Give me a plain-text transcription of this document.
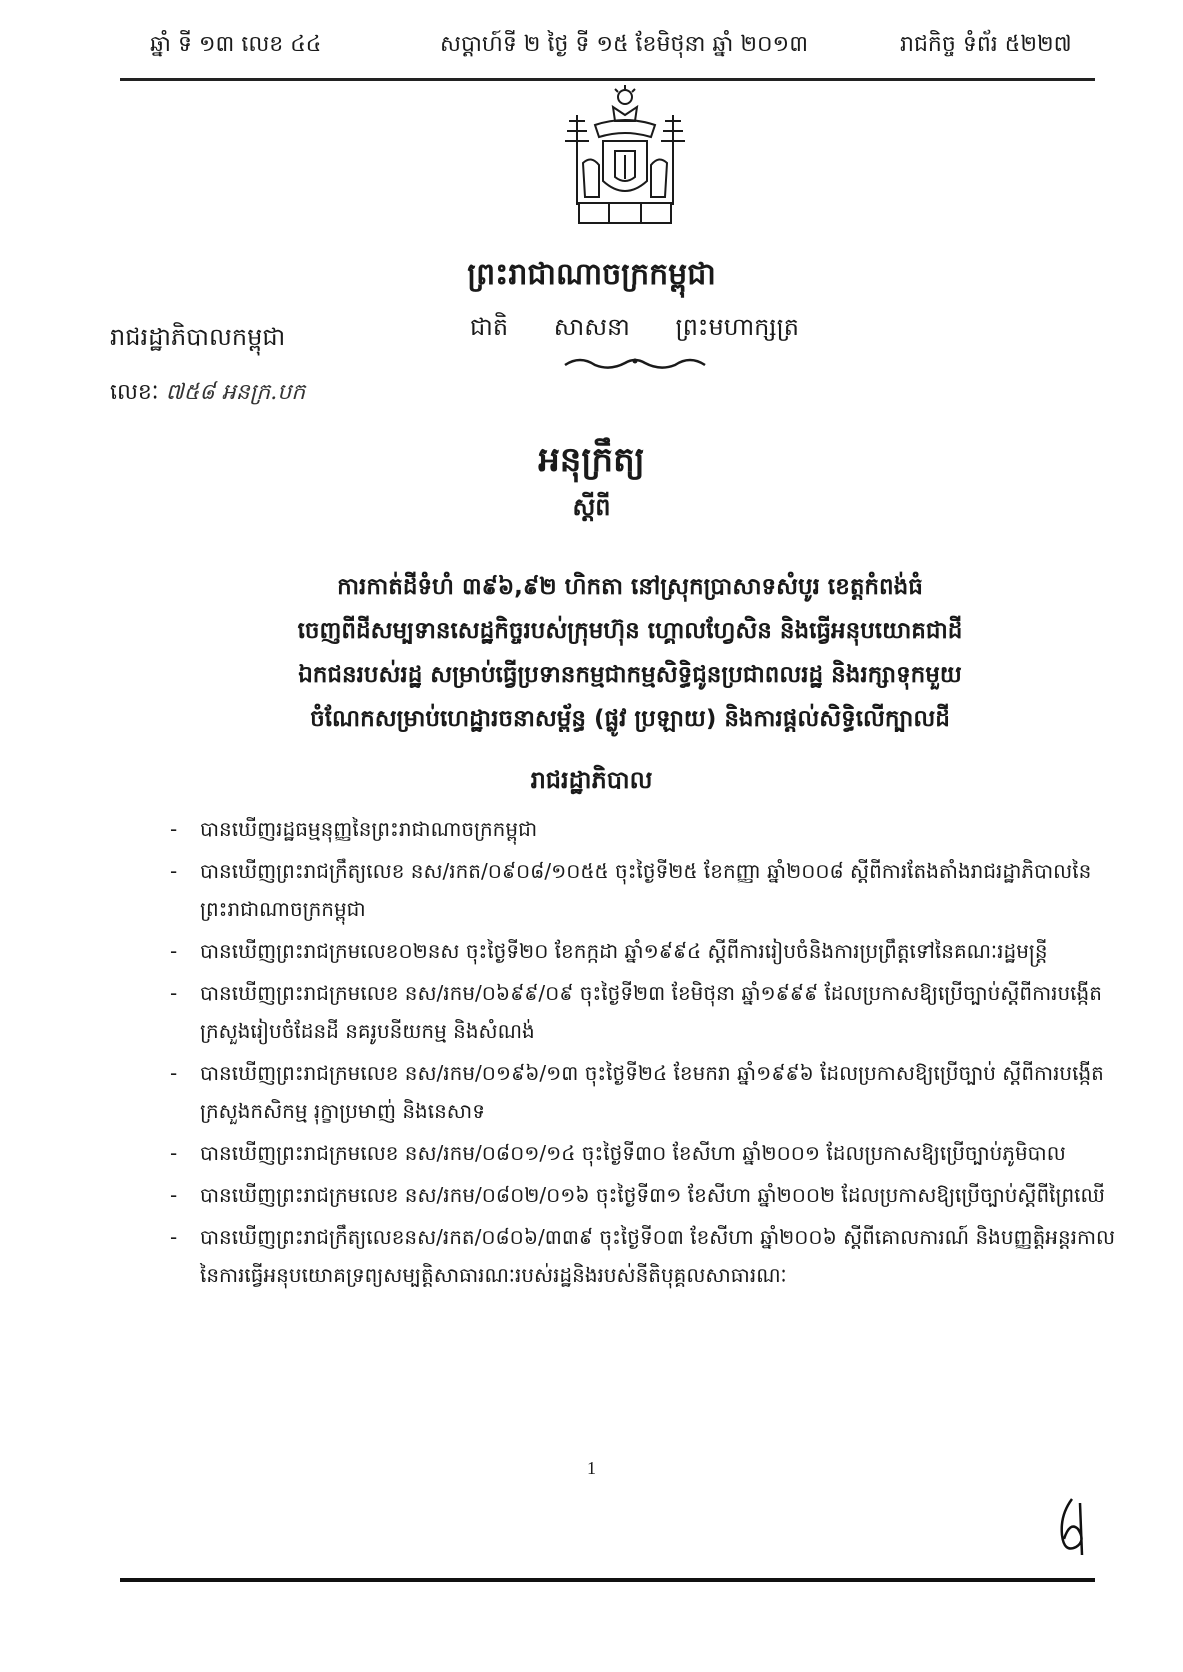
ឆ្នាំ ទី ១៣ លេខ ៤៤	សប្តាហ៍ទី ២ ថ្ងៃ ទី ១៥ ខែមិថុនា ឆ្នាំ ២០១៣	រាជកិច្ច ទំព័រ ៥២២៧
ព្រះរាជាណាចក្រកម្ពុជា
ជាតិ សាសនា ព្រះមហាក្សត្រ
រាជរដ្ឋាភិបាលកម្ពុជា
លេខៈ ៧៥៨ អនក្រ.បក
អនុក្រឹត្យ
ស្តីពី
ការកាត់ដីទំហំ ៣៩៦,៩២ ហិកតា នៅស្រុកប្រាសាទសំបូរ ខេត្តកំពង់ធំ
ចេញពីដីសម្បទានសេដ្ឋកិច្ចរបស់ក្រុមហ៊ុន ហ្គោលហ្វែសិន និងធ្វើអនុបយោគជាដី
ឯកជនរបស់រដ្ឋ សម្រាប់ធ្វើប្រទានកម្មជាកម្មសិទ្ធិជូនប្រជាពលរដ្ឋ និងរក្សាទុកមួយ
ចំណែកសម្រាប់ហេដ្ឋារចនាសម្ព័ន្ធ (ផ្លូវ ប្រឡាយ) និងការផ្តល់សិទ្ធិលើក្បាលដី
រាជរដ្ឋាភិបាល
- បានឃើញរដ្ឋធម្មនុញ្ញនៃព្រះរាជាណាចក្រកម្ពុជា
- បានឃើញព្រះរាជក្រឹត្យលេខ នស/រកត/០៩០៨/១០៥៥ ចុះថ្ងៃទី២៥ ខែកញ្ញា ឆ្នាំ២០០៨ ស្តីពីការតែងតាំងរាជរដ្ឋាភិបាលនៃព្រះរាជាណាចក្រកម្ពុជា
- បានឃើញព្រះរាជក្រមលេខ០២នស ចុះថ្ងៃទី២០ ខែកក្កដា ឆ្នាំ១៩៩៤ ស្តីពីការរៀបចំនិងការប្រព្រឹត្តទៅនៃគណៈរដ្ឋមន្ត្រី
- បានឃើញព្រះរាជក្រមលេខ នស/រកម/០៦៩៩/០៩ ចុះថ្ងៃទី២៣ ខែមិថុនា ឆ្នាំ១៩៩៩ ដែលប្រកាសឱ្យប្រើច្បាប់ស្តីពីការបង្កើតក្រសួងរៀបចំដែនដី នគរូបនីយកម្ម និងសំណង់
- បានឃើញព្រះរាជក្រមលេខ នស/រកម/០១៩៦/១៣ ចុះថ្ងៃទី២៤ ខែមករា ឆ្នាំ១៩៩៦ ដែលប្រកាសឱ្យប្រើច្បាប់ ស្តីពីការបង្កើតក្រសួងកសិកម្ម រុក្ខាប្រមាញ់ និងនេសាទ
- បានឃើញព្រះរាជក្រមលេខ នស/រកម/០៨០១/១៤ ចុះថ្ងៃទី៣០ ខែសីហា ឆ្នាំ២០០១ ដែលប្រកាសឱ្យប្រើច្បាប់ភូមិបាល
- បានឃើញព្រះរាជក្រមលេខ នស/រកម/០៨០២/០១៦ ចុះថ្ងៃទី៣១ ខែសីហា ឆ្នាំ២០០២ ដែលប្រកាសឱ្យប្រើច្បាប់ស្តីពីព្រៃឈើ
- បានឃើញព្រះរាជក្រឹត្យលេខនស/រកត/០៨០៦/៣៣៩ ចុះថ្ងៃទី០៣ ខែសីហា ឆ្នាំ២០០៦ ស្តីពីគោលការណ៍ និងបញ្ញត្តិអន្តរកាលនៃការធ្វើអនុបយោគទ្រព្យសម្បត្តិសាធារណៈរបស់រដ្ឋនិងរបស់នីតិបុគ្គលសាធារណៈ
1
